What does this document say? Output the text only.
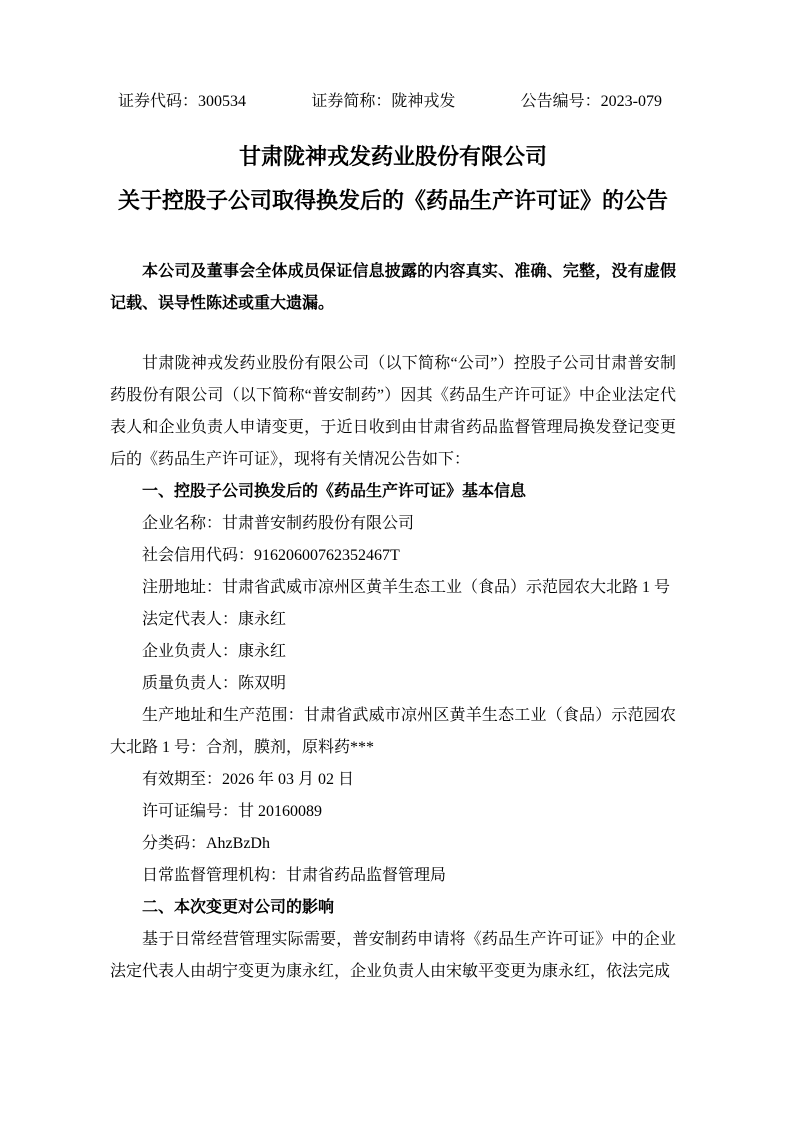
证券代码：300534	证券简称：陇神戎发	公告编号：2023-079
甘肃陇神戎发药业股份有限公司
关于控股子公司取得换发后的《药品生产许可证》的公告
本公司及董事会全体成员保证信息披露的内容真实、准确、完整，没有虚假记载、误导性陈述或重大遗漏。

甘肃陇神戎发药业股份有限公司（以下简称“公司”）控股子公司甘肃普安制药股份有限公司（以下简称“普安制药”）因其《药品生产许可证》中企业法定代表人和企业负责人申请变更，于近日收到由甘肃省药品监督管理局换发登记变更后的《药品生产许可证》，现将有关情况公告如下：

一、控股子公司换发后的《药品生产许可证》基本信息

企业名称：甘肃普安制药股份有限公司

社会信用代码：91620600762352467T

注册地址：甘肃省武威市凉州区黄羊生态工业（食品）示范园农大北路 1 号

法定代表人：康永红

企业负责人：康永红

质量负责人：陈双明

生产地址和生产范围：甘肃省武威市凉州区黄羊生态工业（食品）示范园农大北路 1 号：合剂，膜剂，原料药***

有效期至：2026 年 03 月 02 日

许可证编号：甘 20160089

分类码：AhzBzDh

日常监督管理机构：甘肃省药品监督管理局

二、本次变更对公司的影响

基于日常经营管理实际需要，普安制药申请将《药品生产许可证》中的企业法定代表人由胡宁变更为康永红，企业负责人由宋敏平变更为康永红，依法完成
